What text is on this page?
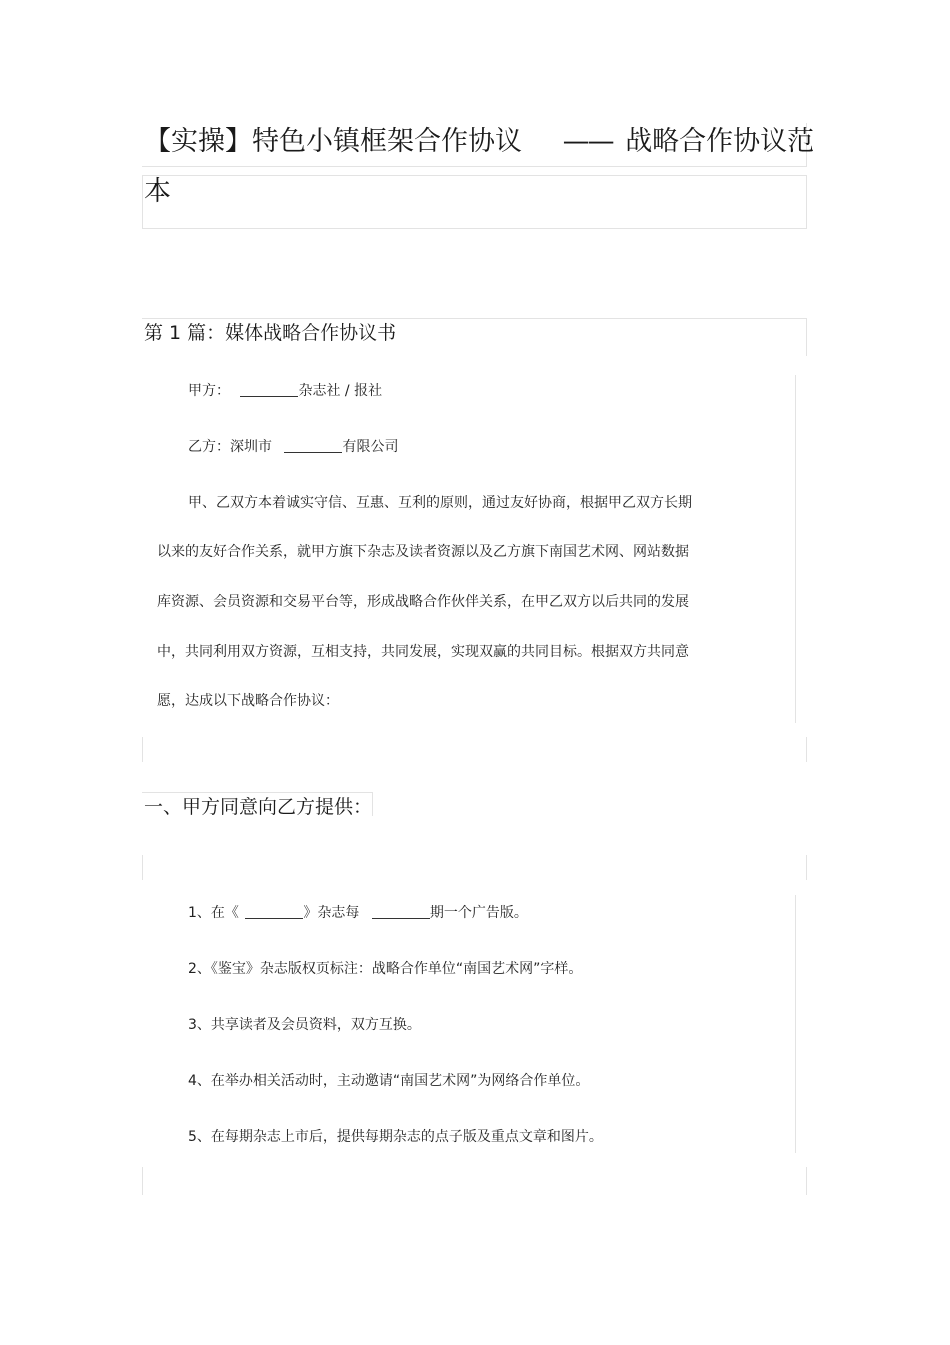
【实操】特色小镇框架合作协议 —— 战略合作协议范
本
第 1 篇：媒体战略合作协议书
甲方：	杂志社 / 报社
乙方：深圳市	有限公司
甲、乙双方本着诚实守信、互惠、互利的原则，通过友好协商，根据甲乙双方长期
以来的友好合作关系，就甲方旗下杂志及读者资源以及乙方旗下南国艺术网、网站数据
库资源、会员资源和交易平台等，形成战略合作伙伴关系，在甲乙双方以后共同的发展
中，共同利用双方资源，互相支持，共同发展，实现双赢的共同目标。根据双方共同意
愿，达成以下战略合作协议：
一、甲方同意向乙方提供：
1、在《	》杂志每	期一个广告版。
2、《鉴宝》杂志版权页标注：战略合作单位“南国艺术网”字样。
3、共享读者及会员资料，双方互换。
4、在举办相关活动时，主动邀请“南国艺术网”为网络合作单位。
5、在每期杂志上市后，提供每期杂志的点子版及重点文章和图片。
